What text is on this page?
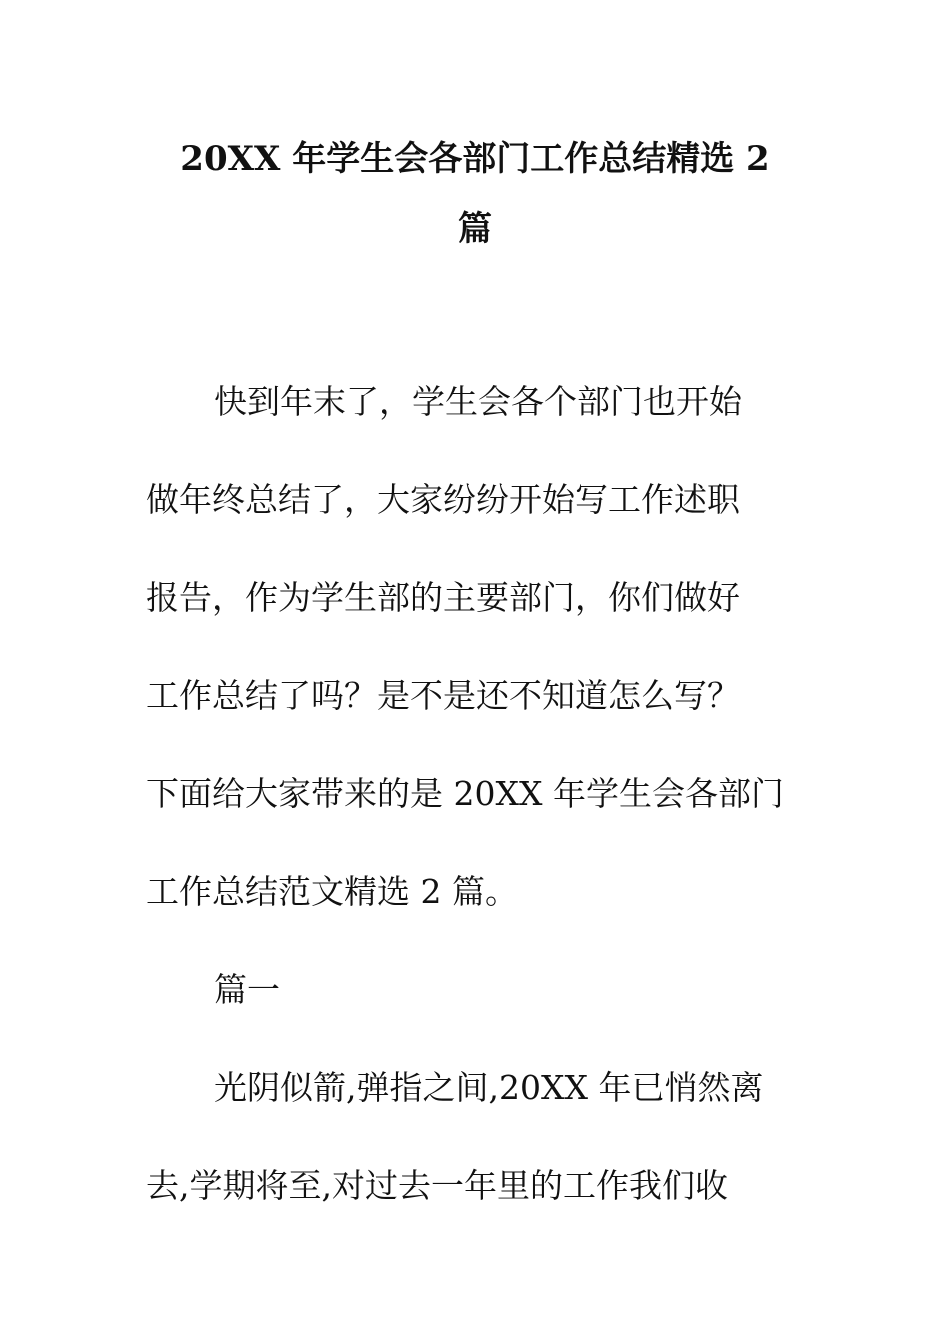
20XX 年学生会各部门工作总结精选 2
篇
快到年末了，学生会各个部门也开始
做年终总结了，大家纷纷开始写工作述职
报告，作为学生部的主要部门，你们做好
工作总结了吗？是不是还不知道怎么写？
下面给大家带来的是 20XX 年学生会各部门
工作总结范文精选 2 篇。
篇一
光阴似箭,弹指之间,20XX 年已悄然离
去,学期将至,对过去一年里的工作我们收
